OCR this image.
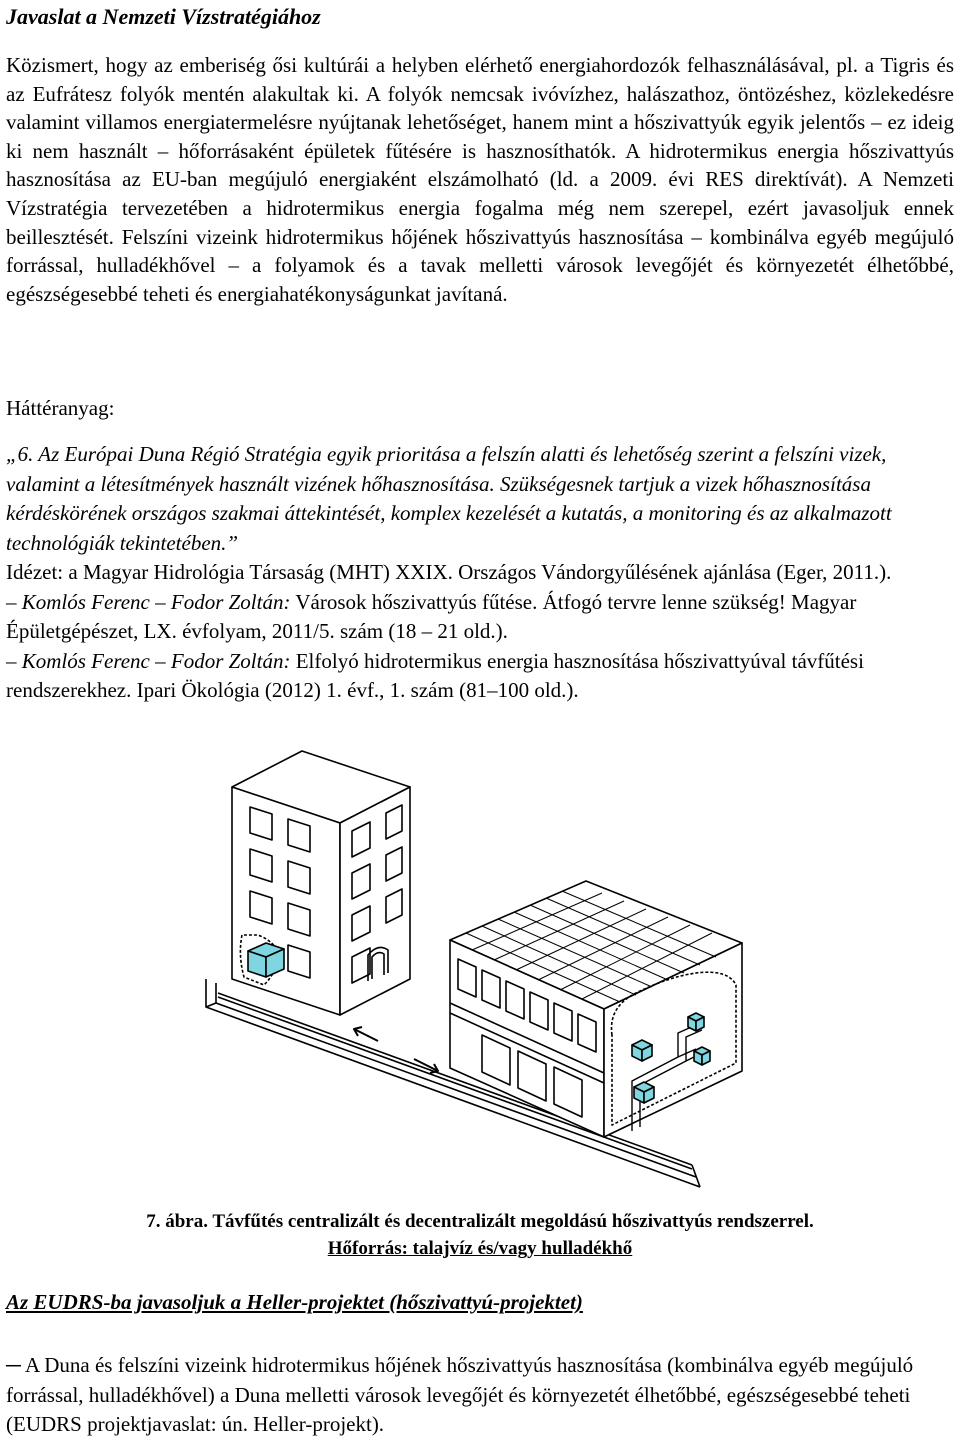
Javaslat a Nemzeti Vízstratégiához

Közismert, hogy az emberiség ősi kultúrái a helyben elérhető energiahordozók felhasználásával, pl. a Tigris és az Eufrátesz folyók mentén alakultak ki. A folyók nemcsak ivóvízhez, halászathoz, öntözéshez, közlekedésre valamint villamos energiatermelésre nyújtanak lehetőséget, hanem mint a hőszivattyúk egyik jelentős – ez ideig ki nem használt – hőforrásaként épületek fűtésére is hasznosíthatók. A hidrotermikus energia hőszivattyús hasznosítása az EU-ban megújuló energiaként elszámolható (ld. a 2009. évi RES direktívát). A Nemzeti Vízstratégia tervezetében a hidrotermikus energia fogalma még nem szerepel, ezért javasoljuk ennek beillesztését. Felszíni vizeink hidrotermikus hőjének hőszivattyús hasznosítása – kombinálva egyéb megújuló forrással, hulladékhővel – a folyamok és a tavak melletti városok levegőjét és környezetét élhetőbbé, egészségesebbé teheti és energiahatékonyságunkat javítaná.

Háttéranyag:
„6. Az Európai Duna Régió Stratégia egyik prioritása a felszín alatti és lehetőség szerint a felszíni vizek, valamint a létesítmények használt vizének hőhasznosítása. Szükségesnek tartjuk a vizek hőhasznosítása kérdéskörének országos szakmai áttekintését, komplex kezelését a kutatás, a monitoring és az alkalmazott technológiák tekintetében.”
Idézet: a Magyar Hidrológia Társaság (MHT) XXIX. Országos Vándorgyűlésének ajánlása (Eger, 2011.).
– Komlós Ferenc – Fodor Zoltán: Városok hőszivattyús fűtése. Átfogó tervre lenne szükség! Magyar Épületgépészet, LX. évfolyam, 2011/5. szám (18 – 21 old.).
– Komlós Ferenc – Fodor Zoltán: Elfolyó hidrotermikus energia hasznosítása hőszivattyúval távfűtési rendszerekhez. Ipari Ökológia (2012) 1. évf., 1. szám (81–100 old.).
7. ábra. Távfűtés centralizált és decentralizált megoldású hőszivattyús rendszerrel.
Hőforrás: talajvíz és/vagy hulladékhő
Az EUDRS-ba javasoljuk a Heller-projektet (hőszivattyú-projektet)
─ A Duna és felszíni vizeink hidrotermikus hőjének hőszivattyús hasznosítása (kombinálva egyéb megújuló forrással, hulladékhővel) a Duna melletti városok levegőjét és környezetét élhetőbbé, egészségesebbé teheti (EUDRS projektjavaslat: ún. Heller-projekt).
